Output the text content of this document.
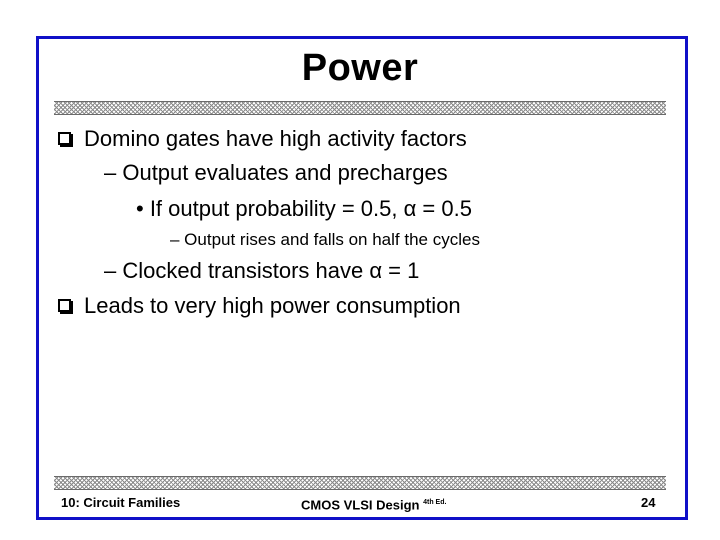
Power
Domino gates have high activity factors
– Output evaluates and precharges
• If output probability = 0.5, α = 0.5
– Output rises and falls on half the cycles
– Clocked transistors have α = 1
Leads to very high power consumption
10: Circuit Families	CMOS VLSI Design $^{4th Ed.}$	24
